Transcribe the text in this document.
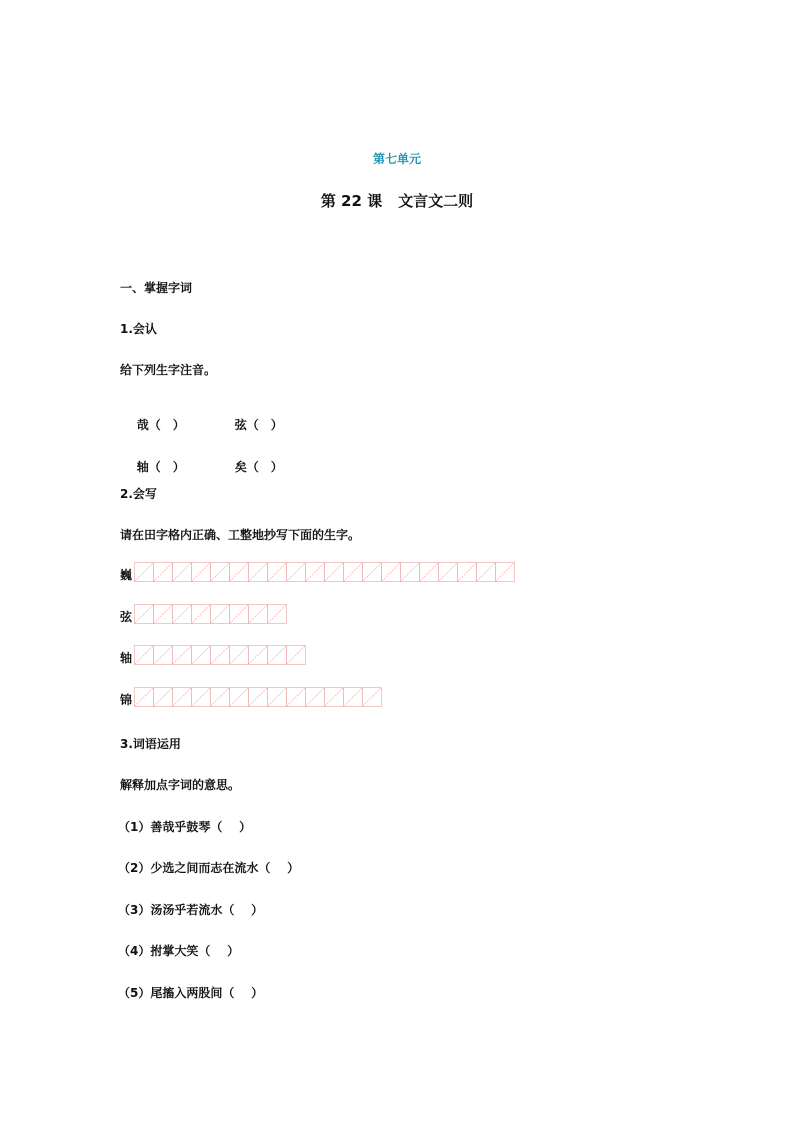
第七单元
第 22 课 文言文二则
一、掌握字词
1.会认
给下列生字注音。

哉（ ）
	弦（ ）

轴（ ）
	矣（ ）

2.会写
请在田字格内正确、工整地抄写下面的生字。
巍
弦
轴
锦
3.词语运用
解释加点字词的意思。
（1）善哉乎鼓琴（    ）
（2）少选之间而志在流水（    ）
（3）汤汤乎若流水（    ）
（4）拊掌大笑（    ）
（5）尾搐入两股间（    ）
